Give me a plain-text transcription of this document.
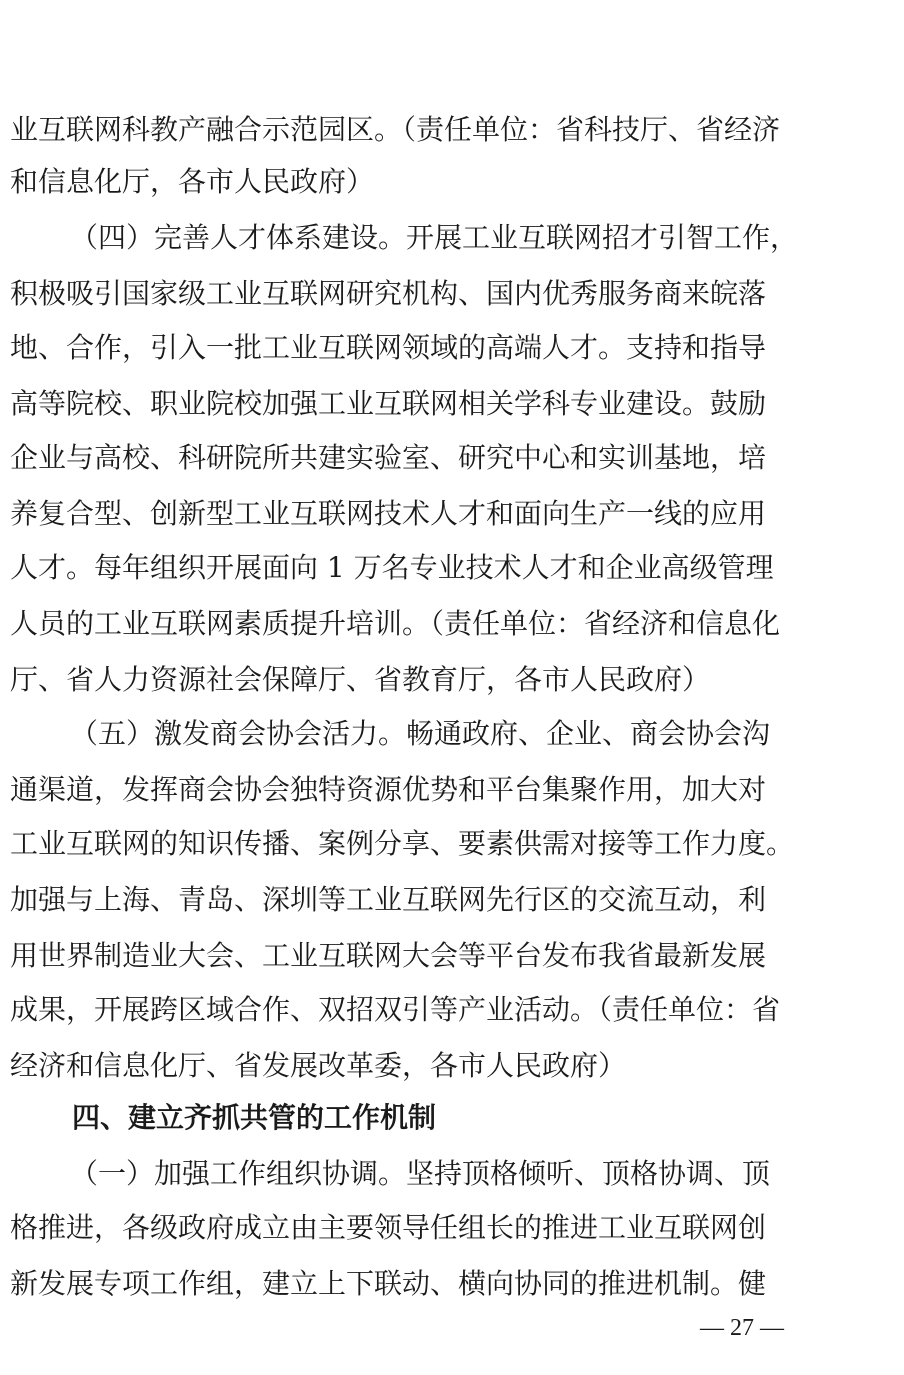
业互联网科教产融合示范园区。（责任单位：省科技厅、省经济
和信息化厅，各市人民政府）
（四）完善人才体系建设。开展工业互联网招才引智工作，
积极吸引国家级工业互联网研究机构、国内优秀服务商来皖落
地、合作，引入一批工业互联网领域的高端人才。支持和指导
高等院校、职业院校加强工业互联网相关学科专业建设。鼓励
企业与高校、科研院所共建实验室、研究中心和实训基地，培
养复合型、创新型工业互联网技术人才和面向生产一线的应用
人才。每年组织开展面向 1 万名专业技术人才和企业高级管理
人员的工业互联网素质提升培训。（责任单位：省经济和信息化
厅、省人力资源社会保障厅、省教育厅，各市人民政府）
（五）激发商会协会活力。畅通政府、企业、商会协会沟
通渠道，发挥商会协会独特资源优势和平台集聚作用，加大对
工业互联网的知识传播、案例分享、要素供需对接等工作力度。
加强与上海、青岛、深圳等工业互联网先行区的交流互动，利
用世界制造业大会、工业互联网大会等平台发布我省最新发展
成果，开展跨区域合作、双招双引等产业活动。（责任单位：省
经济和信息化厅、省发展改革委，各市人民政府）
四、建立齐抓共管的工作机制
（一）加强工作组织协调。坚持顶格倾听、顶格协调、顶
格推进，各级政府成立由主要领导任组长的推进工业互联网创
新发展专项工作组，建立上下联动、横向协同的推进机制。健
— 27 —
